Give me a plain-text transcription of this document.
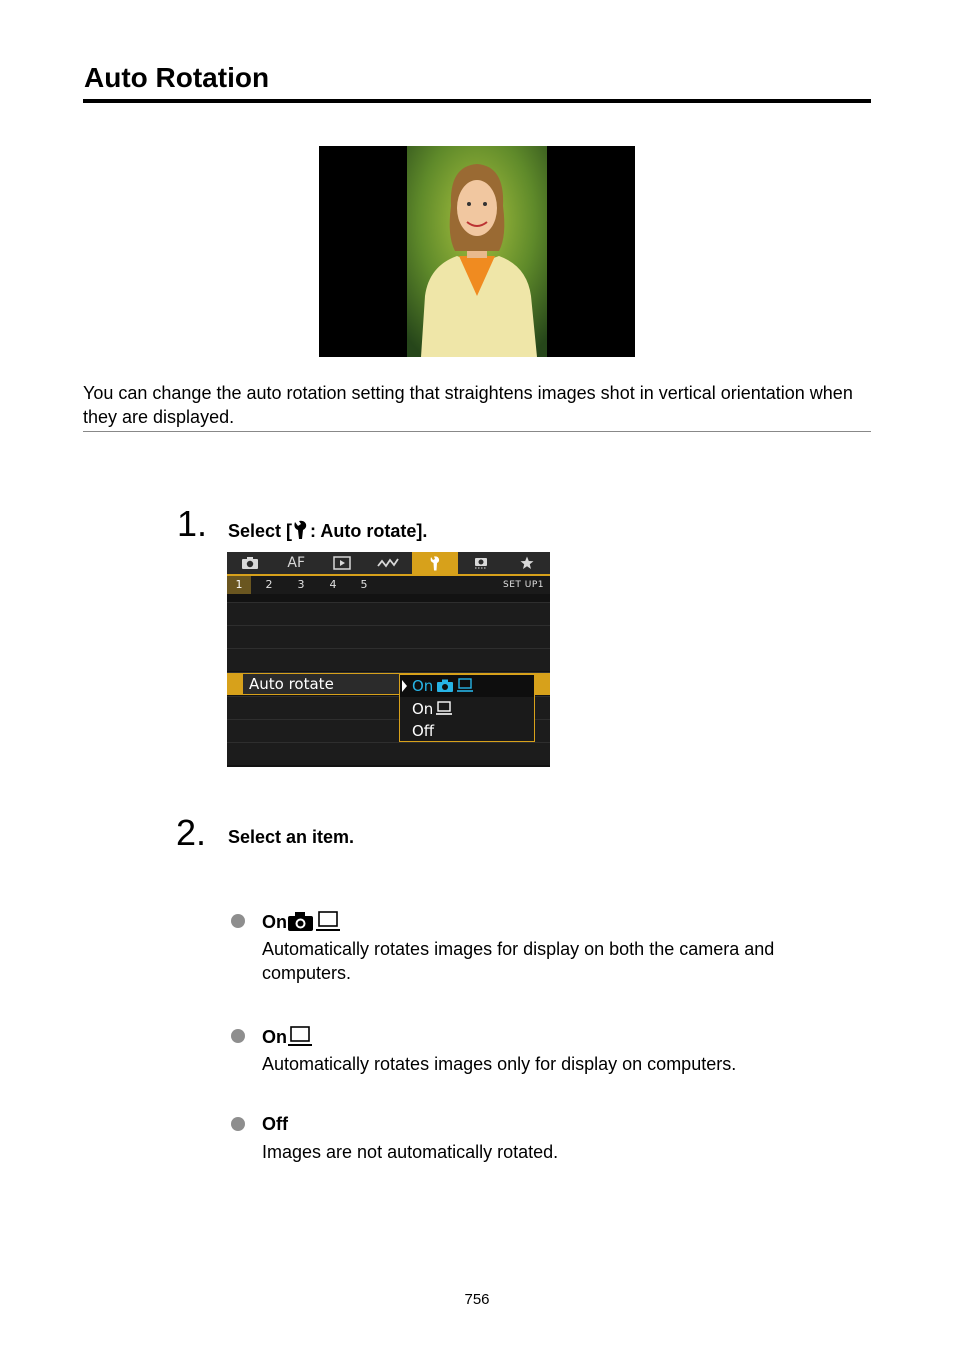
Auto Rotation

You can change the auto rotation setting that straightens images shot in vertical orientation when they are displayed.

1. Select [ : Auto rotate].
AF
1	2	3	4	5	SET UP1
Auto rotate	On
On
Off
2. Select an item.
On

Automatically rotates images for display on both the camera and computers.

On

Automatically rotates images only for display on computers.

Off

Images are not automatically rotated.

756
